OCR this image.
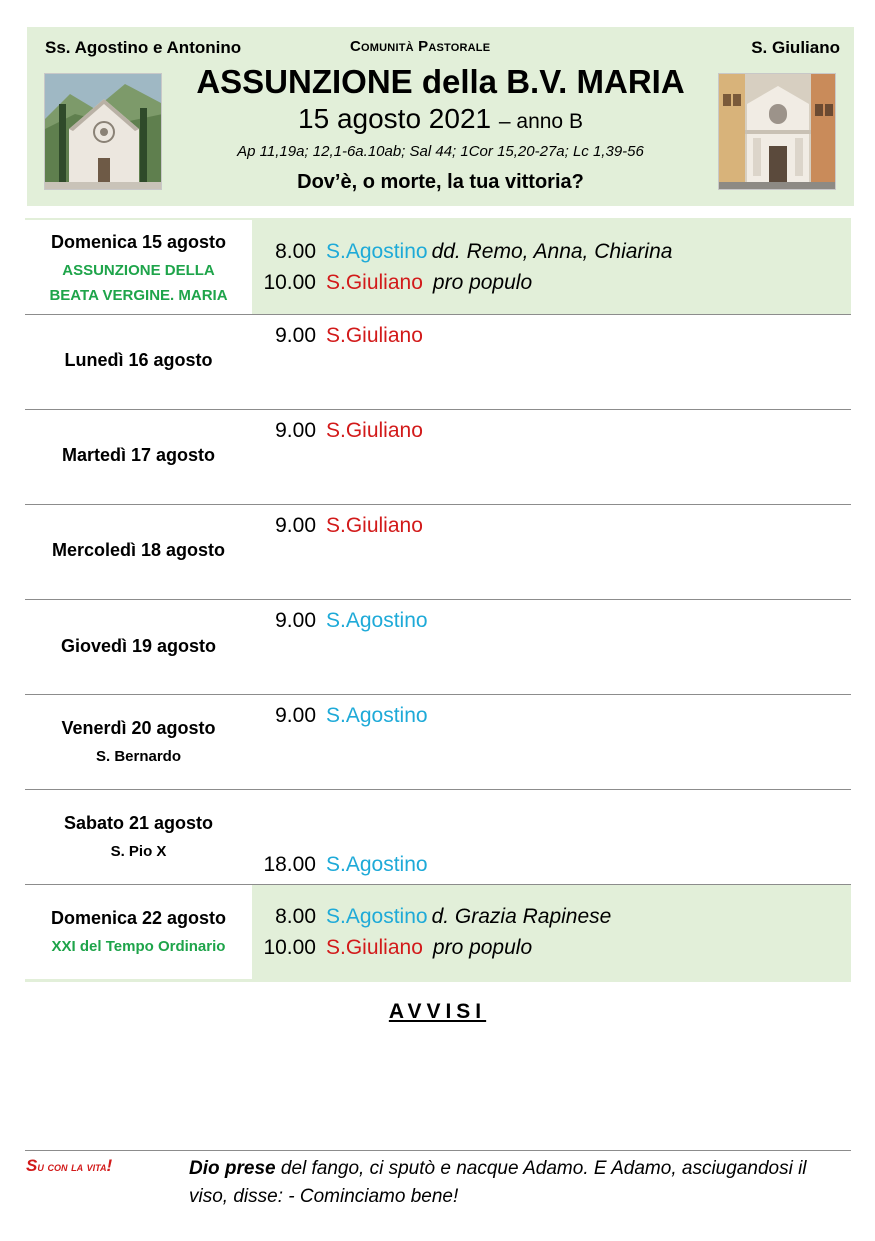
Ss. Agostino e Antonino	Comunità Pastorale	S. Giuliano
ASSUNZIONE della B.V. MARIA
15 agosto 2021 – anno B
Ap 11,19a; 12,1-6a.10ab; Sal 44; 1Cor 15,20-27a; Lc 1,39-56
Dov’è, o morte, la tua vittoria?
Domenica 15 agosto
ASSUNZIONE DELLA
BEATA VERGINE. MARIA
8.00 S.Agostino dd. Remo, Anna, Chiarina
10.00 S.Giuliano pro populo
Lunedì 16 agosto
9.00 S.Giuliano
Martedì 17 agosto
9.00 S.Giuliano
Mercoledì 18 agosto
9.00 S.Giuliano
Giovedì 19 agosto
9.00 S.Agostino
Venerdì 20 agosto
S. Bernardo
9.00 S.Agostino
Sabato 21 agosto
S. Pio X
18.00 S.Agostino
Domenica 22 agosto
XXI del Tempo Ordinario
8.00 S.Agostino d. Grazia Rapinese
10.00 S.Giuliano pro populo
AVVISI
Su con la vita!	Dio prese del fango, ci sputò e nacque Adamo. E Adamo, asciugandosi il viso, disse: - Cominciamo bene!
